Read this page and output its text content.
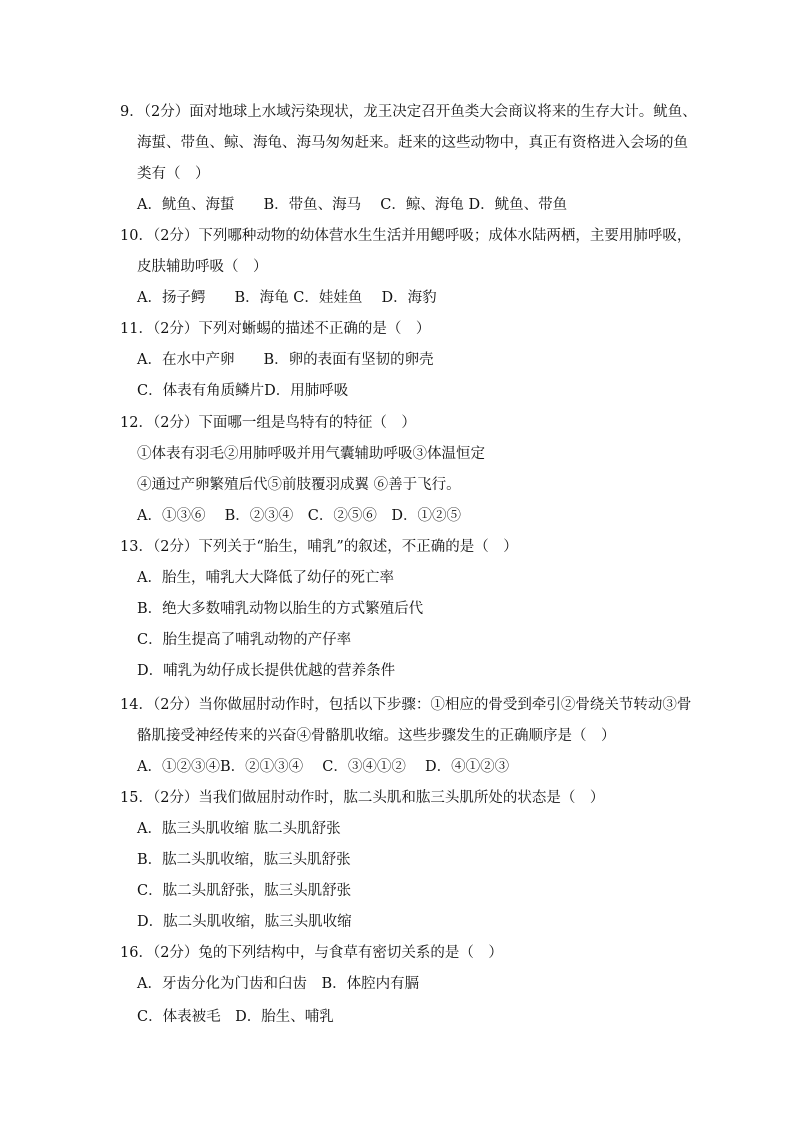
9．（2分）面对地球上水域污染现状，龙王决定召开鱼类大会商议将来的生存大计。鱿鱼、
海蜇、带鱼、鲸、海龟、海马匆匆赶来。赶来的这些动物中，真正有资格进入会场的鱼
类有（　）
A．鱿鱼、海蜇　　B．带鱼、海马　 C．鲸、海龟 D．鱿鱼、带鱼
10．（2分）下列哪种动物的幼体营水生生活并用鳃呼吸；成体水陆两栖，主要用肺呼吸，
皮肤辅助呼吸（　）
A．扬子鳄　　B．海龟 C．娃娃鱼　 D．海豹
11．（2分）下列对蜥蜴的描述不正确的是（　）
A．在水中产卵　　B．卵的表面有坚韧的卵壳
C．体表有角质鳞片D．用肺呼吸
12．（2分）下面哪一组是鸟特有的特征（　）
①体表有羽毛②用肺呼吸并用气囊辅助呼吸③体温恒定
④通过产卵繁殖后代⑤前肢覆羽成翼 ⑥善于飞行。
A．①③⑥　 B．②③④　C．②⑤⑥　D．①②⑤
13．（2分）下列关于“胎生，哺乳”的叙述，不正确的是（　）
A．胎生，哺乳大大降低了幼仔的死亡率
B．绝大多数哺乳动物以胎生的方式繁殖后代
C．胎生提高了哺乳动物的产仔率
D．哺乳为幼仔成长提供优越的营养条件
14．（2分）当你做屈肘动作时，包括以下步骤：①相应的骨受到牵引②骨绕关节转动③骨
骼肌接受神经传来的兴奋④骨骼肌收缩。这些步骤发生的正确顺序是（　）
A．①②③④B．②①③④　 C．③④①②　 D．④①②③
15．（2分）当我们做屈肘动作时，肱二头肌和肱三头肌所处的状态是（　）
A．肱三头肌收缩 肱二头肌舒张
B．肱二头肌收缩，肱三头肌舒张
C．肱二头肌舒张，肱三头肌舒张
D．肱二头肌收缩，肱三头肌收缩
16．（2分）兔的下列结构中，与食草有密切关系的是（　）
A．牙齿分化为门齿和臼齿　B．体腔内有膈
C．体表被毛　D．胎生、哺乳
